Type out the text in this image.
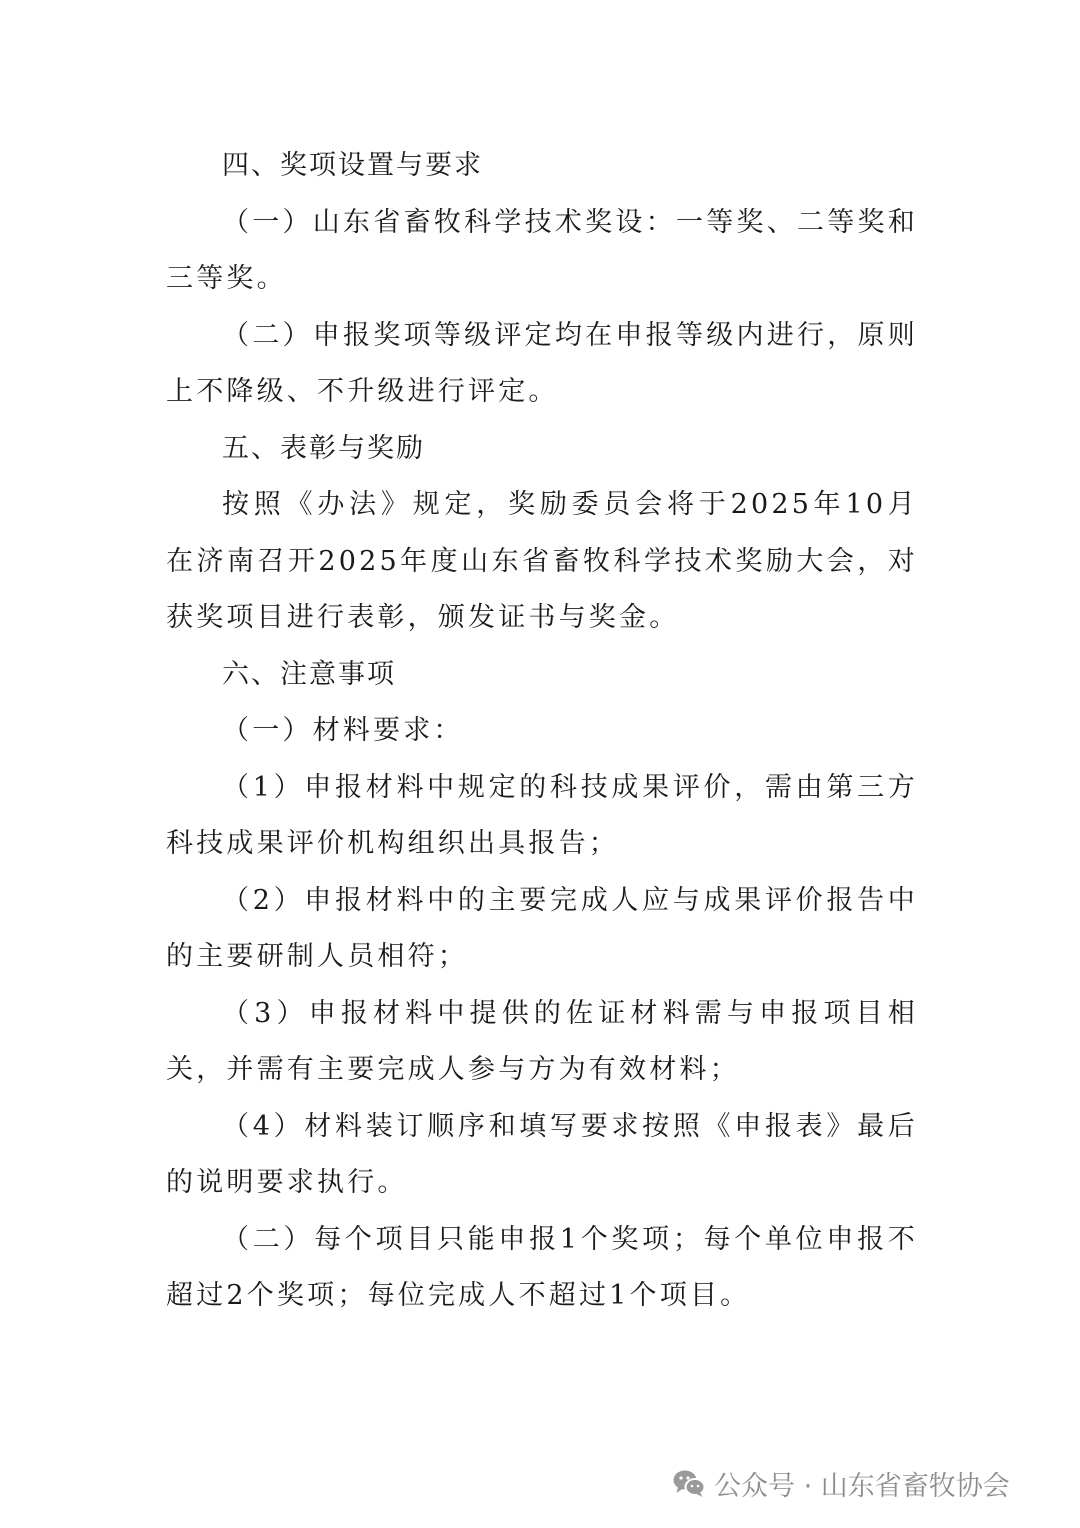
四、奖项设置与要求
（一）山东省畜牧科学技术奖设：一等奖、二等奖和三等奖。
（二）申报奖项等级评定均在申报等级内进行，原则上不降级、不升级进行评定。
五、表彰与奖励
按照《办法》规定，奖励委员会将于2025年10月在济南召开2025年度山东省畜牧科学技术奖励大会，对获奖项目进行表彰，颁发证书与奖金。
六、注意事项
（一）材料要求：
（1）申报材料中规定的科技成果评价，需由第三方科技成果评价机构组织出具报告；
（2）申报材料中的主要完成人应与成果评价报告中的主要研制人员相符；
（3）申报材料中提供的佐证材料需与申报项目相关，并需有主要完成人参与方为有效材料；
（4）材料装订顺序和填写要求按照《申报表》最后的说明要求执行。
（二）每个项目只能申报1个奖项；每个单位申报不超过2个奖项；每位完成人不超过1个项目。
公众号 · 山东省畜牧协会
